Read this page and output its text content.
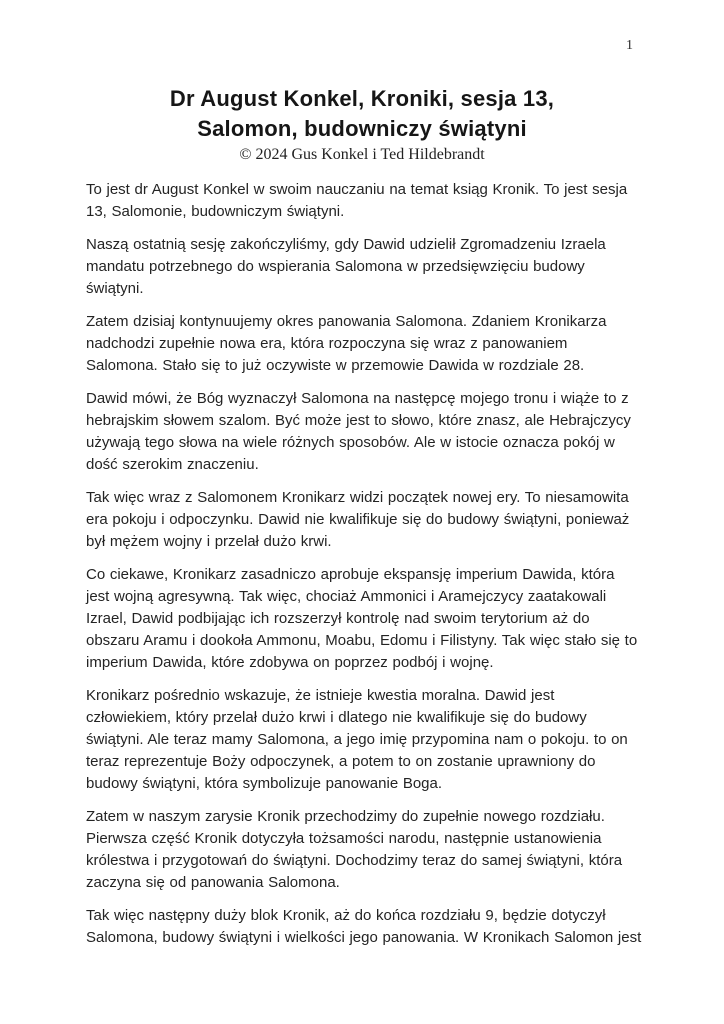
1
Dr August Konkel, Kroniki, sesja 13,
Salomon, budowniczy świątyni
© 2024 Gus Konkel i Ted Hildebrandt

To jest dr August Konkel w swoim nauczaniu na temat ksiąg Kronik. To jest sesja 13, Salomonie, budowniczym świątyni.

Naszą ostatnią sesję zakończyliśmy, gdy Dawid udzielił Zgromadzeniu Izraela mandatu potrzebnego do wspierania Salomona w przedsięwzięciu budowy świątyni.

Zatem dzisiaj kontynuujemy okres panowania Salomona. Zdaniem Kronikarza nadchodzi zupełnie nowa era, która rozpoczyna się wraz z panowaniem Salomona. Stało się to już oczywiste w przemowie Dawida w rozdziale 28.

Dawid mówi, że Bóg wyznaczył Salomona na następcę mojego tronu i wiąże to z hebrajskim słowem szalom. Być może jest to słowo, które znasz, ale Hebrajczycy używają tego słowa na wiele różnych sposobów. Ale w istocie oznacza pokój w dość szerokim znaczeniu.

Tak więc wraz z Salomonem Kronikarz widzi początek nowej ery. To niesamowita era pokoju i odpoczynku. Dawid nie kwalifikuje się do budowy świątyni, ponieważ był mężem wojny i przelał dużo krwi.

Co ciekawe, Kronikarz zasadniczo aprobuje ekspansję imperium Dawida, która jest wojną agresywną. Tak więc, chociaż Ammonici i Aramejczycy zaatakowali Izrael, Dawid podbijając ich rozszerzył kontrolę nad swoim terytorium aż do obszaru Aramu i dookoła Ammonu, Moabu, Edomu i Filistyny. Tak więc stało się to imperium Dawida, które zdobywa on poprzez podbój i wojnę.

Kronikarz pośrednio wskazuje, że istnieje kwestia moralna. Dawid jest człowiekiem, który przelał dużo krwi i dlatego nie kwalifikuje się do budowy świątyni. Ale teraz mamy Salomona, a jego imię przypomina nam o pokoju. to on teraz reprezentuje Boży odpoczynek, a potem to on zostanie uprawniony do budowy świątyni, która symbolizuje panowanie Boga.

Zatem w naszym zarysie Kronik przechodzimy do zupełnie nowego rozdziału. Pierwsza część Kronik dotyczyła tożsamości narodu, następnie ustanowienia królestwa i przygotowań do świątyni. Dochodzimy teraz do samej świątyni, która zaczyna się od panowania Salomona.

Tak więc następny duży blok Kronik, aż do końca rozdziału 9, będzie dotyczył Salomona, budowy świątyni i wielkości jego panowania. W Kronikach Salomon jest
